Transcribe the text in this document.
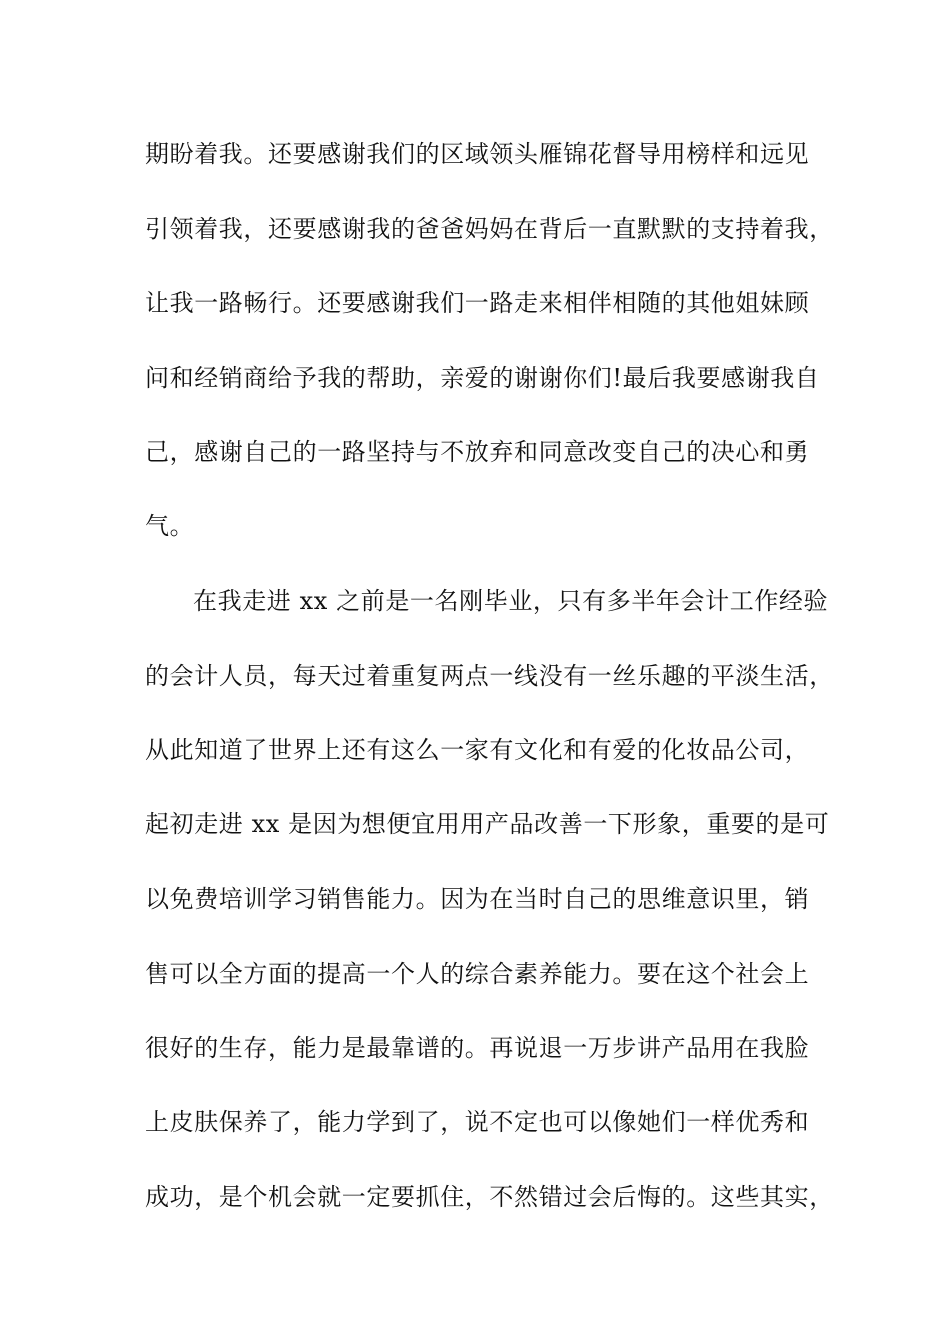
期盼着我。还要感谢我们的区域领头雁锦花督导用榜样和远见
引领着我，还要感谢我的爸爸妈妈在背后一直默默的支持着我，
让我一路畅行。还要感谢我们一路走来相伴相随的其他姐妹顾
问和经销商给予我的帮助，亲爱的谢谢你们!最后我要感谢我自
己，感谢自己的一路坚持与不放弃和同意改变自己的决心和勇
气。
在我走进 xx 之前是一名刚毕业，只有多半年会计工作经验
的会计人员，每天过着重复两点一线没有一丝乐趣的平淡生活，
从此知道了世界上还有这么一家有文化和有爱的化妆品公司，
起初走进 xx 是因为想便宜用用产品改善一下形象，重要的是可
以免费培训学习销售能力。因为在当时自己的思维意识里，销
售可以全方面的提高一个人的综合素养能力。要在这个社会上
很好的生存，能力是最靠谱的。再说退一万步讲产品用在我脸
上皮肤保养了，能力学到了，说不定也可以像她们一样优秀和
成功，是个机会就一定要抓住，不然错过会后悔的。这些其实，
